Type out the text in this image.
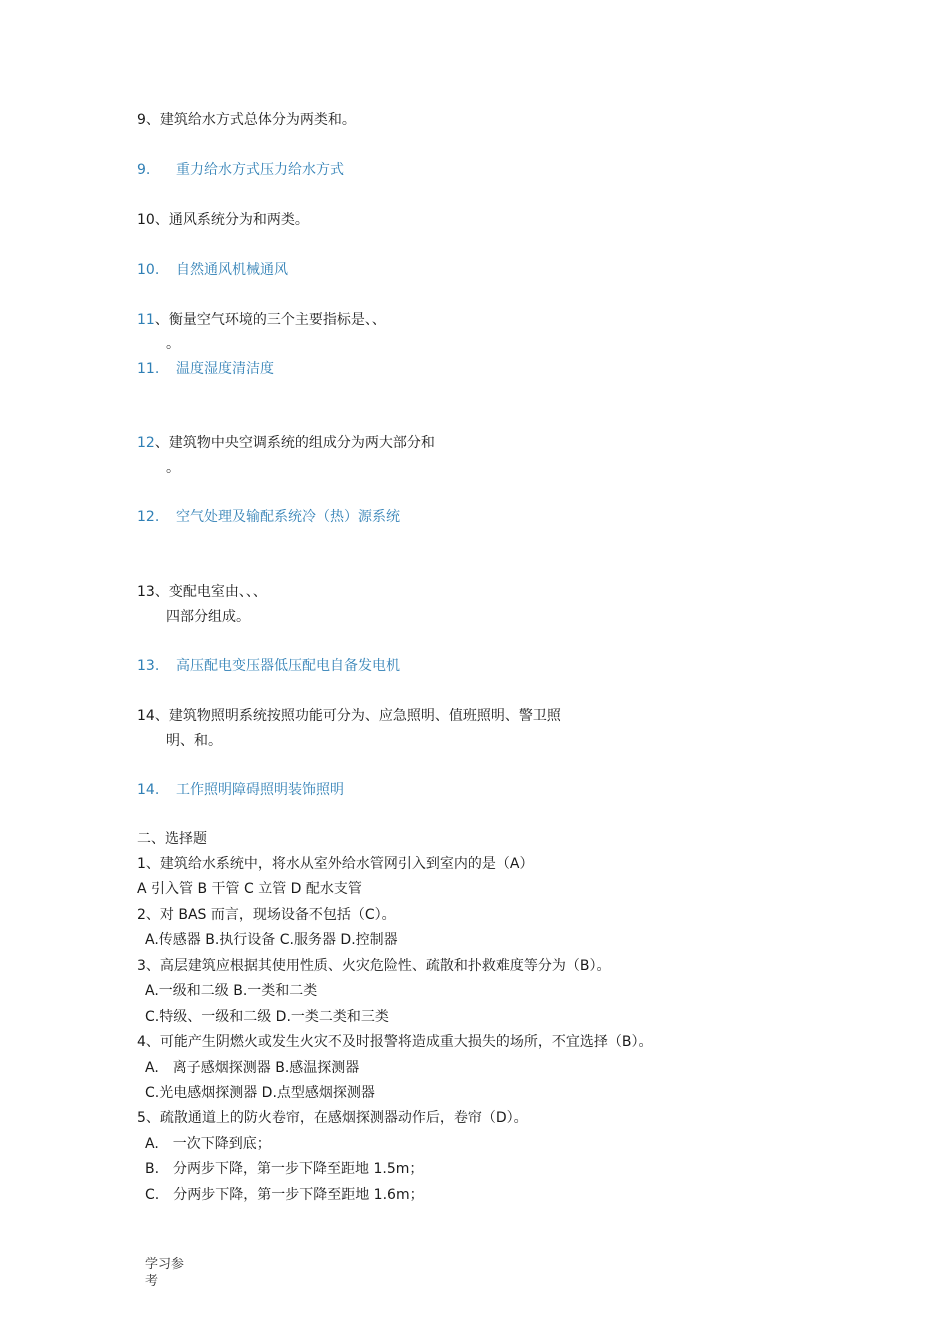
9、建筑给水方式总体分为两类和。
9. 重力给水方式压力给水方式
10、通风系统分为和两类。
10. 自然通风机械通风
11、衡量空气环境的三个主要指标是、、
。
11. 温度湿度清洁度
12、建筑物中央空调系统的组成分为两大部分和
。
12. 空气处理及输配系统冷（热）源系统
13、变配电室由、、、
四部分组成。
13. 高压配电变压器低压配电自备发电机
14、建筑物照明系统按照功能可分为、应急照明、值班照明、警卫照
明、和。
14. 工作照明障碍照明装饰照明
二、选择题
1、建筑给水系统中，将水从室外给水管网引入到室内的是（A）
A 引入管 B 干管 C 立管 D 配水支管
2、对 BAS 而言，现场设备不包括（C）。
A.传感器 B.执行设备 C.服务器 D.控制器
3、高层建筑应根据其使用性质、火灾危险性、疏散和扑救难度等分为（B）。
A.一级和二级 B.一类和二类
C.特级、一级和二级 D.一类二类和三类
4、可能产生阴燃火或发生火灾不及时报警将造成重大损失的场所，不宜选择（B）。
A.　离子感烟探测器 B.感温探测器
C.光电感烟探测器 D.点型感烟探测器
5、疏散通道上的防火卷帘，在感烟探测器动作后，卷帘（D）。
A.　一次下降到底；
B.　分两步下降，第一步下降至距地 1.5m；
C.　分两步下降，第一步下降至距地 1.6m；
学习参
考
